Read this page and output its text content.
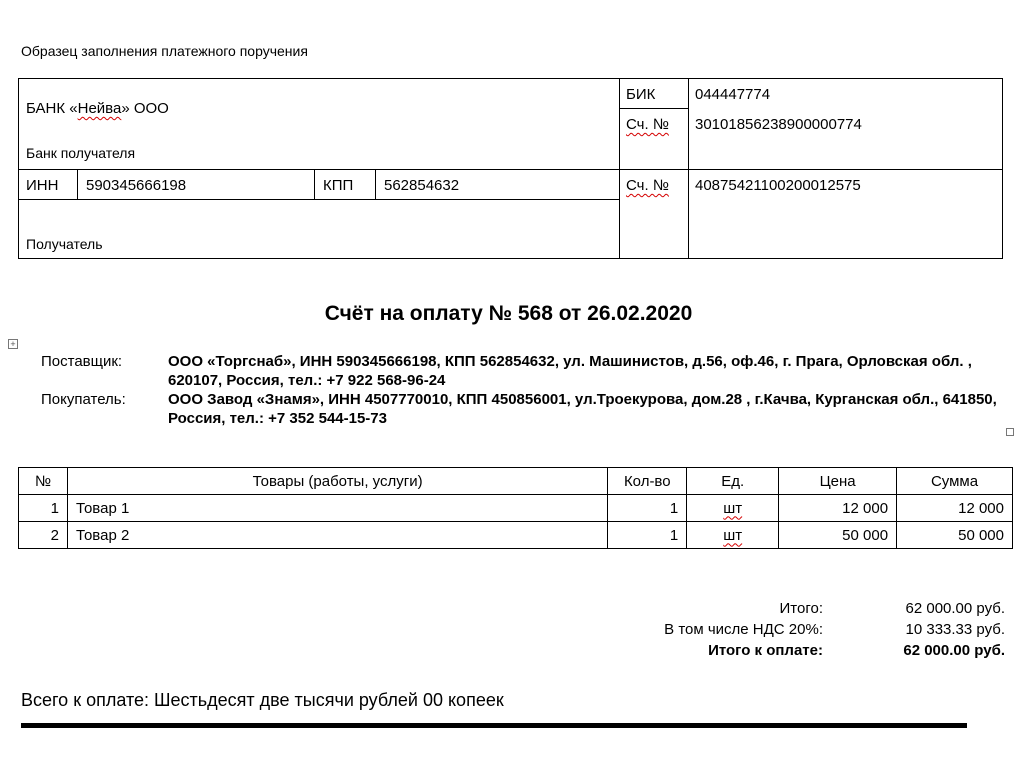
Образец заполнения платежного поручения
БАНК «Нейва» ООО
Банк получателя
БИК	044447774
Сч. №	30101856238900000774
ИНН	590345666198	КПП	562854632	Сч. №	40875421100200012575
Получатель
Счёт на оплату № 568 от 26.02.2020
+
Поставщик:	ООО «Торгснаб», ИНН 590345666198, КПП 562854632, ул. Машинистов, д.56, оф.46, г. Прага, Орловская обл. , 620107, Россия, тел.: +7 922 568-96-24
Покупатель:	ООО Завод «Знамя», ИНН 4507770010, КПП 450856001, ул.Троекурова, дом.28 , г.Качва, Курганская обл., 641850, Россия, тел.: +7 352 544-15-73
№	Товары (работы, услуги)	Кол-во	Ед.	Цена	Сумма
1	Товар 1	1	шт	12 000	12 000
2	Товар 2	1	шт	50 000	50 000
Итого:	62 000.00 руб.
В том числе НДС 20%:	10 333.33 руб.
Итого к оплате:	62 000.00 руб.
Всего к оплате: Шестьдесят две тысячи рублей 00 копеек
